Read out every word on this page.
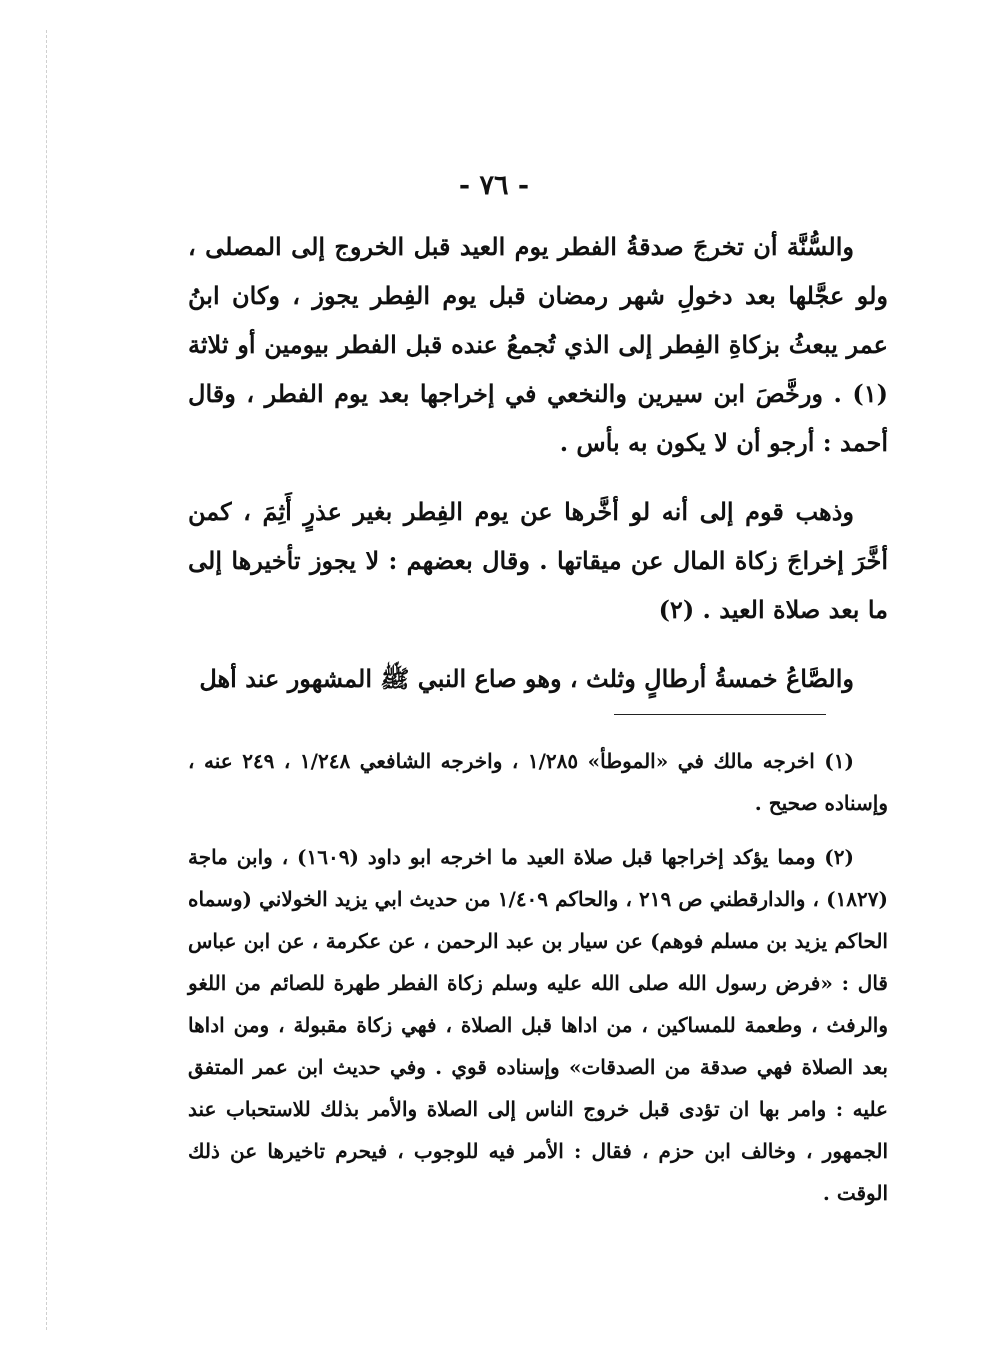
- ٧٦ -

والسُّنَّة أن تخرجَ صدقةُ الفطر يوم العيد قبل الخروج إلى المصلى ، ولو عجَّلها بعد دخولِ شهر رمضان قبل يوم الفِطر يجوز ، وكان ابنُ عمر يبعثُ بزكاةِ الفِطر إلى الذي تُجمعُ عنده قبل الفطر بيومين أو ثلاثة (١) . ورخَّصَ ابن سيرين والنخعي في إخراجها بعد يوم الفطر ، وقال أحمد : أرجو أن لا يكون به بأس .

وذهب قوم إلى أنه لو أخَّرها عن يوم الفِطر بغير عذرٍ أَثِمَ ، كمن أخَّرَ إخراجَ زكاة المال عن ميقاتها . وقال بعضهم : لا يجوز تأخيرها إلى ما بعد صلاة العيد . (٢)

والصَّاعُ خمسةُ أرطالٍ وثلث ، وهو صاع النبي ﷺ المشهور عند أهل

(١) اخرجه مالك في «الموطأ» ١/٢٨٥ ، واخرجه الشافعي ١/٢٤٨ ، ٢٤٩ عنه ، وإسناده صحيح .

(٢) ومما يؤكد إخراجها قبل صلاة العيد ما اخرجه ابو داود (١٦٠٩) ، وابن ماجة (١٨٢٧) ، والدارقطني ص ٢١٩ ، والحاكم ١/٤٠٩ من حديث ابي يزيد الخولاني (وسماه الحاكم يزيد بن مسلم فوهم) عن سيار بن عبد الرحمن ، عن عكرمة ، عن ابن عباس قال : «فرض رسول الله صلى الله عليه وسلم زكاة الفطر طهرة للصائم من اللغو والرفث ، وطعمة للمساكين ، من اداها قبل الصلاة ، فهي زكاة مقبولة ، ومن اداها بعد الصلاة فهي صدقة من الصدقات» وإسناده قوي . وفي حديث ابن عمر المتفق عليه : وامر بها ان تؤدى قبل خروج الناس إلى الصلاة والأمر بذلك للاستحباب عند الجمهور ، وخالف ابن حزم ، فقال : الأمر فيه للوجوب ، فيحرم تاخيرها عن ذلك الوقت .
